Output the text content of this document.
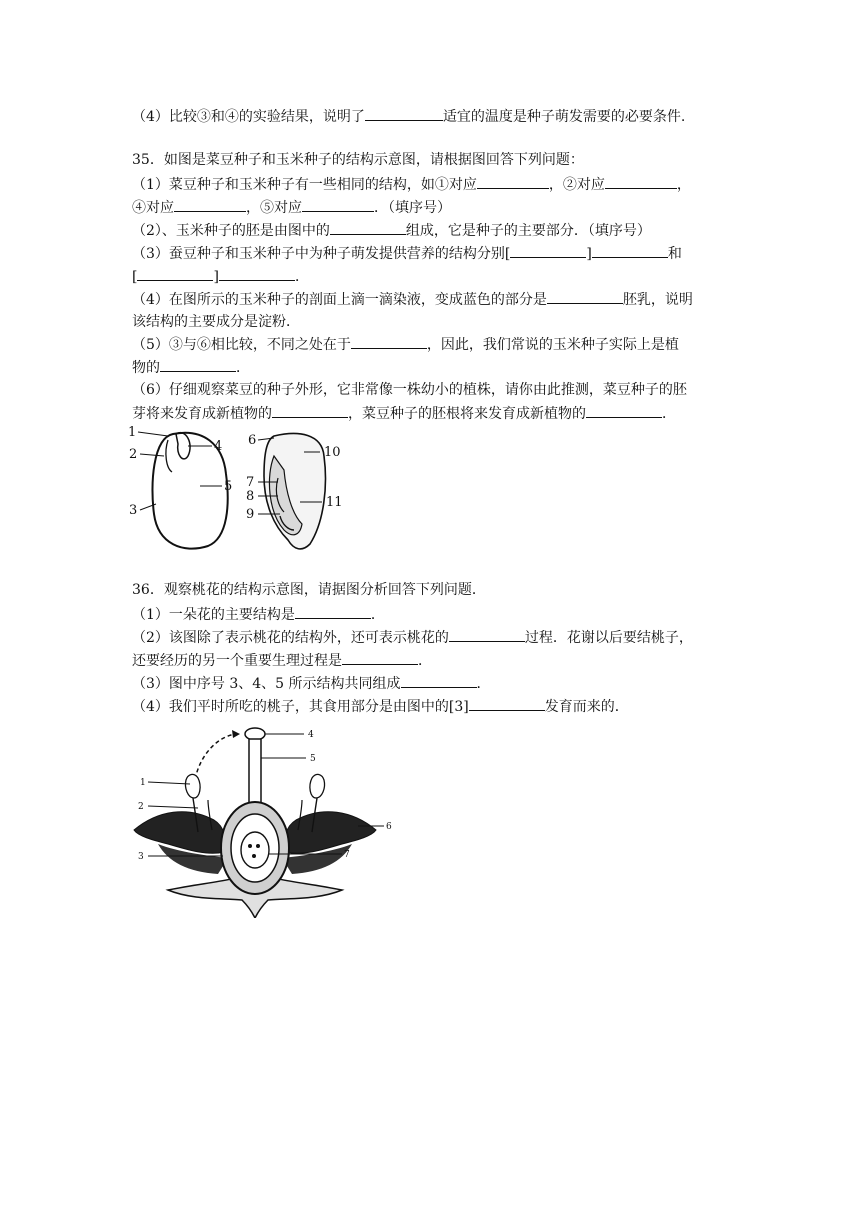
（4）比较③和④的实验结果，说明了	适宜的温度是种子萌发需要的必要条件.
35．如图是菜豆种子和玉米种子的结构示意图，请根据图回答下列问题：
（1）菜豆种子和玉米种子有一些相同的结构，如①对应	，②对应	，
④对应	，⑤对应	．（填序号）
（2）、玉米种子的胚是由图中的	组成，它是种子的主要部分．（填序号）
（3）蚕豆种子和玉米种子中为种子萌发提供营养的结构分别[	]	和
[	]	．
（4）在图所示的玉米种子的剖面上滴一滴染液，变成蓝色的部分是	胚乳，说明
该结构的主要成分是淀粉．
（5）③与⑥相比较，不同之处在于	，因此，我们常说的玉米种子实际上是植
物的	．
（6）仔细观察菜豆的种子外形，它非常像一株幼小的植株，请你由此推测，菜豆种子的胚
芽将来发育成新植物的	，菜豆种子的胚根将来发育成新植物的	．
1
2
3
4
5
6
10
7
8
9
11
36．观察桃花的结构示意图，请据图分析回答下列问题．
（1）一朵花的主要结构是	．
（2）该图除了表示桃花的结构外，还可表示桃花的	过程．花谢以后要结桃子，
还要经历的另一个重要生理过程是	．
（3）图中序号 3、4、5 所示结构共同组成	．
（4）我们平时所吃的桃子，其食用部分是由图中的[3]	发育而来的．
4
5
1
2
6
3	7
